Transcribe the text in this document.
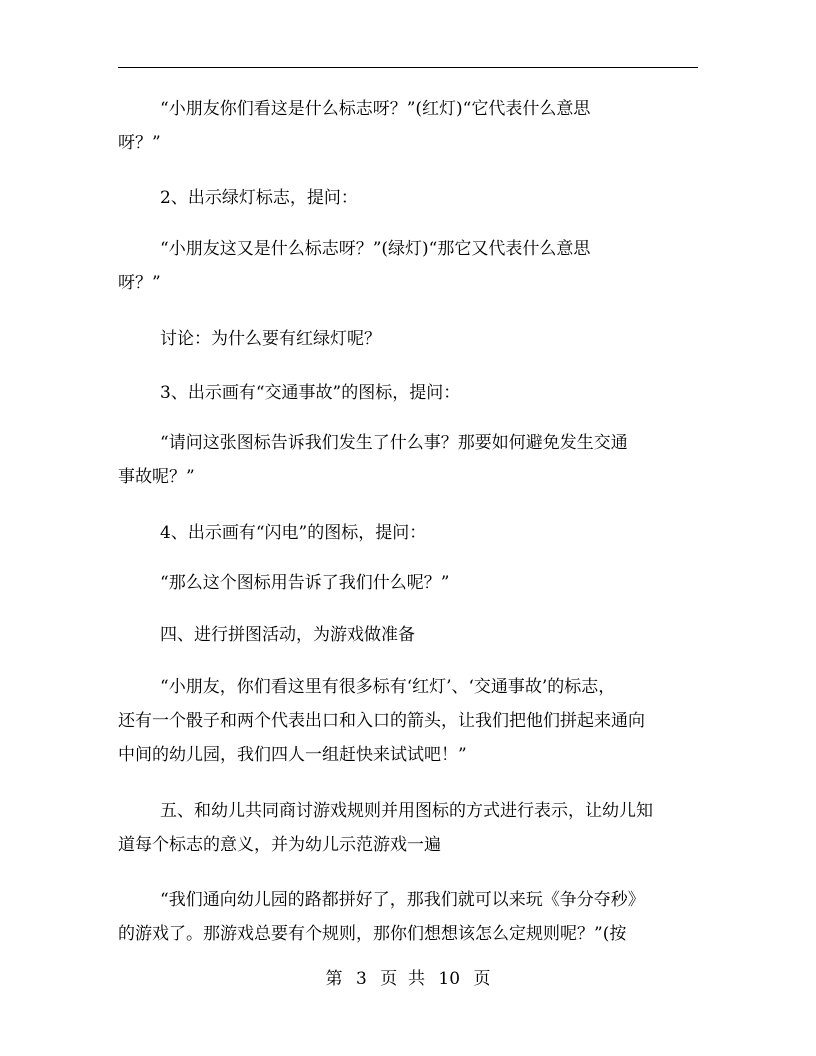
“小朋友你们看这是什么标志呀？”(红灯)“它代表什么意思
呀？”
2、出示绿灯标志，提问：
“小朋友这又是什么标志呀？”(绿灯)“那它又代表什么意思
呀？”
讨论：为什么要有红绿灯呢？
3、出示画有“交通事故”的图标，提问：
“请问这张图标告诉我们发生了什么事？那要如何避免发生交通
事故呢？”
4、出示画有“闪电”的图标，提问：
“那么这个图标用告诉了我们什么呢？”
四、进行拼图活动，为游戏做准备
“小朋友，你们看这里有很多标有‘红灯’、‘交通事故’的标志，
还有一个骰子和两个代表出口和入口的箭头，让我们把他们拼起来通向
中间的幼儿园，我们四人一组赶快来试试吧！”
五、和幼儿共同商讨游戏规则并用图标的方式进行表示，让幼儿知
道每个标志的意义，并为幼儿示范游戏一遍
“我们通向幼儿园的路都拼好了，那我们就可以来玩《争分夺秒》
的游戏了。那游戏总要有个规则，那你们想想该怎么定规则呢？”(按
第 3 页  共 10 页
